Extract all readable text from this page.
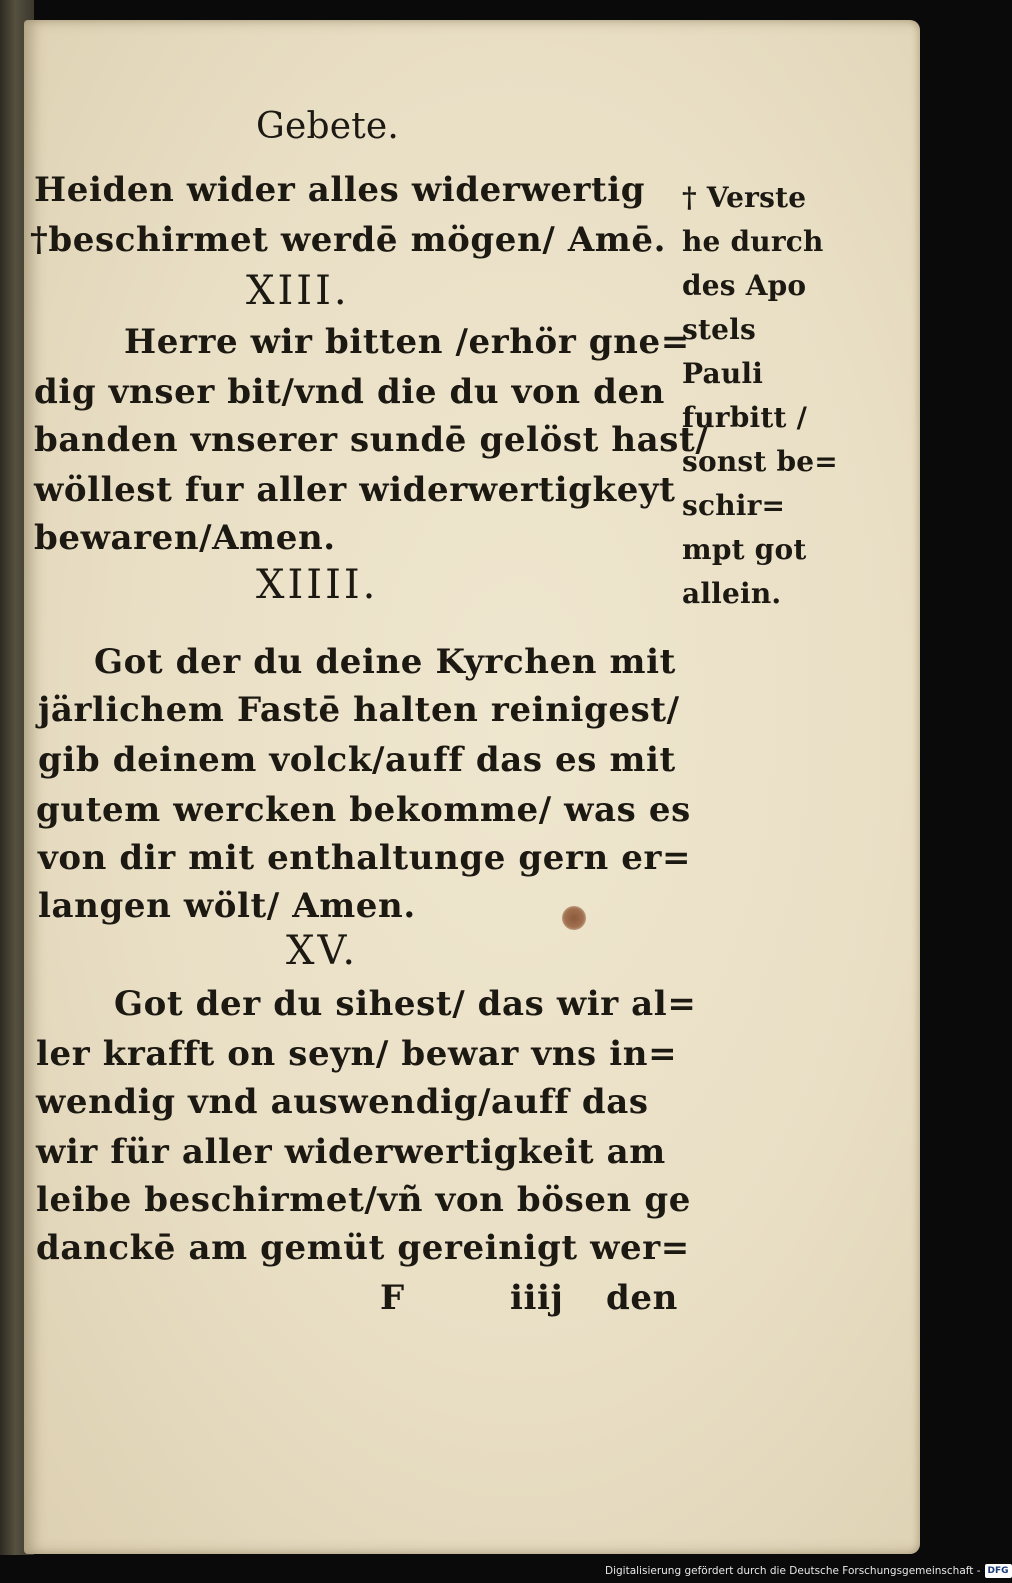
Gebete.
Heiden wider alles widerwertig
†beschirmet werdē mögen/ Amē.
XIII.
Herre wir bitten /erhör gne=
dig vnser bit/vnd die du von den
banden vnserer sundē gelöst hast/
wöllest fur aller widerwertigkeyt
bewaren/Amen.
XIIII.
Got der du deine Kyrchen mit
järlichem Fastē halten reinigest/
gib deinem volck/auff das es mit
gutem wercken bekomme/ was es
von dir mit enthaltunge gern er=
langen wölt/ Amen.
XV.
Got der du sihest/ das wir al=
ler krafft on seyn/ bewar vns in=
wendig vnd auswendig/auff das
wir für aller widerwertigkeit am
leibe beschirmet/vñ von bösen ge
danckē am gemüt gereinigt wer=
F	iiij den
† Verste
he durch
des Apo
stels
Pauli
furbitt /
sonst be=
schir=
mpt got
allein.
Digitalisierung gefördert durch die Deutsche Forschungsgemeinschaft - DFG
